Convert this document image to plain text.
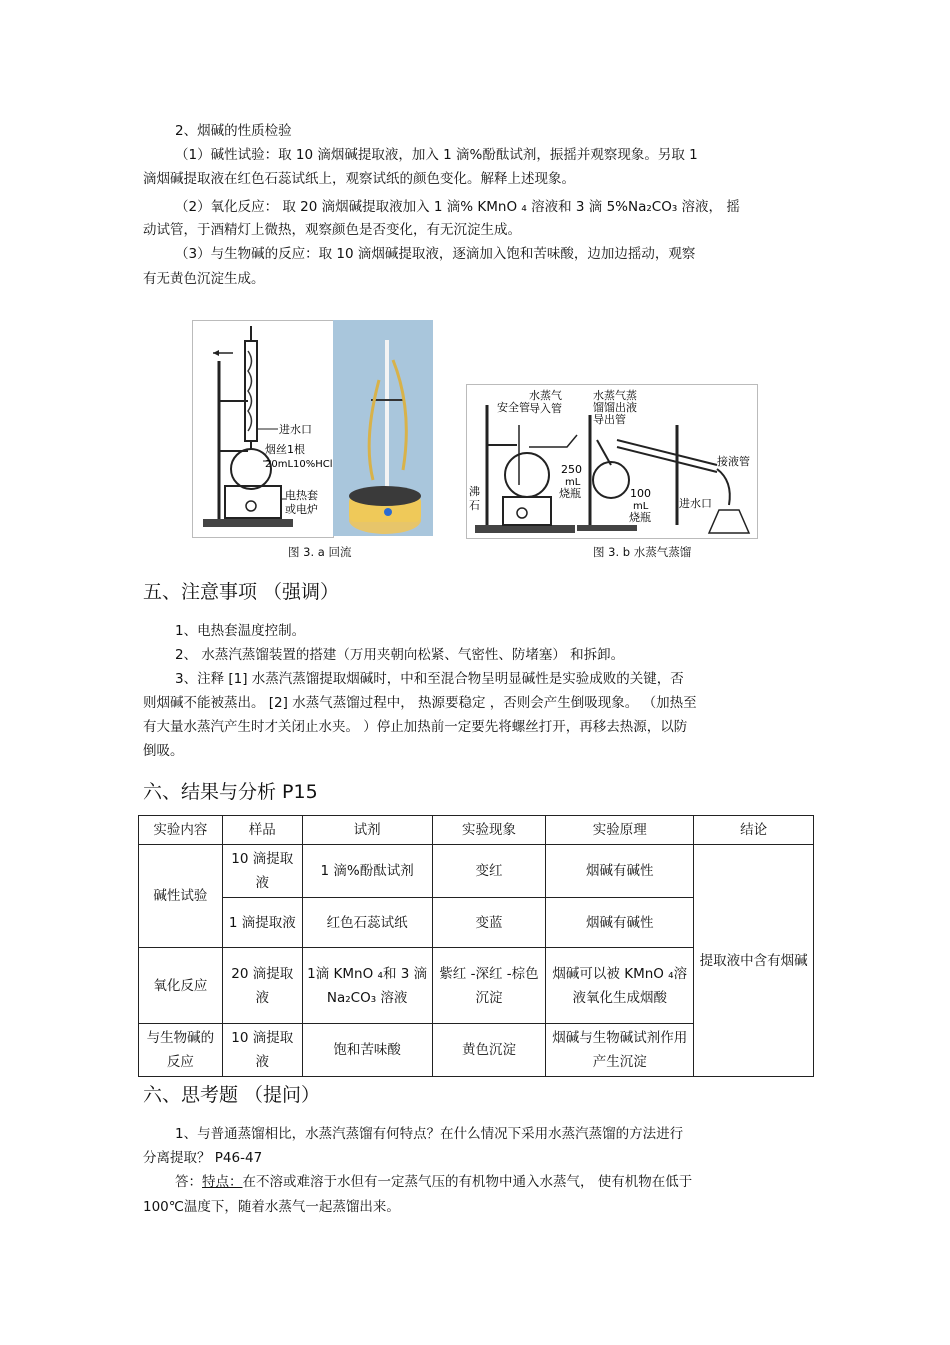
2、烟碱的性质检验
（1）碱性试验：取 10 滴烟碱提取液，加入 1 滴%酚酞试剂，振摇并观察现象。另取 1
滴烟碱提取液在红色石蕊试纸上，观察试纸的颜色变化。解释上述现象。
（2）氧化反应： 取 20 滴烟碱提取液加入 1 滴% KMnO ₄ 溶液和 3 滴 5%Na₂CO₃ 溶液， 摇
动试管，于酒精灯上微热，观察颜色是否变化，有无沉淀生成。
（3）与生物碱的反应：取 10 滴烟碱提取液，逐滴加入饱和苦味酸，边加边摇动，观察
有无黄色沉淀生成。
进水口
烟丝1根
20mL10%HCl
电热套
或电炉
安全管
水蒸气
导入管
水蒸气蒸
馏馏出液
导出管
250
mL
烧瓶
沸
石
100
mL
烧瓶
进水口
接液管
图 3. a 回流	图 3. b 水蒸气蒸馏
五、注意事项 （强调）
1、电热套温度控制。
2、 水蒸汽蒸馏装置的搭建（万用夹朝向松紧、气密性、防堵塞） 和拆卸。
3、注释 [1] 水蒸汽蒸馏提取烟碱时，中和至混合物呈明显碱性是实验成败的关键，否
则烟碱不能被蒸出。 [2] 水蒸气蒸馏过程中， 热源要稳定 ，否则会产生倒吸现象。 （加热至
有大量水蒸汽产生时才关闭止水夹。 ）停止加热前一定要先将螺丝打开，再移去热源，以防
倒吸。
六、结果与分析 P15
实验内容	样品	试剂	实验现象	实验原理	结论
碱性试验	10 滴提取液	1 滴%酚酞试剂	变红	烟碱有碱性	提取液中含有烟碱
	1 滴提取液	红色石蕊试纸	变蓝	烟碱有碱性	
氧化反应	20 滴提取液	1滴 KMnO ₄和 3 滴 Na₂CO₃ 溶液	紫红 -深红 -棕色沉淀	烟碱可以被 KMnO ₄溶液氧化生成烟酸	
与生物碱的反应	10 滴提取液	饱和苦味酸	黄色沉淀	烟碱与生物碱试剂作用产生沉淀	
六、思考题 （提问）
1、与普通蒸馏相比，水蒸汽蒸馏有何特点？在什么情况下采用水蒸汽蒸馏的方法进行
分离提取？ P46-47
答：特点：在不溶或难溶于水但有一定蒸气压的有机物中通入水蒸气， 使有机物在低于
100℃温度下，随着水蒸气一起蒸馏出来。
